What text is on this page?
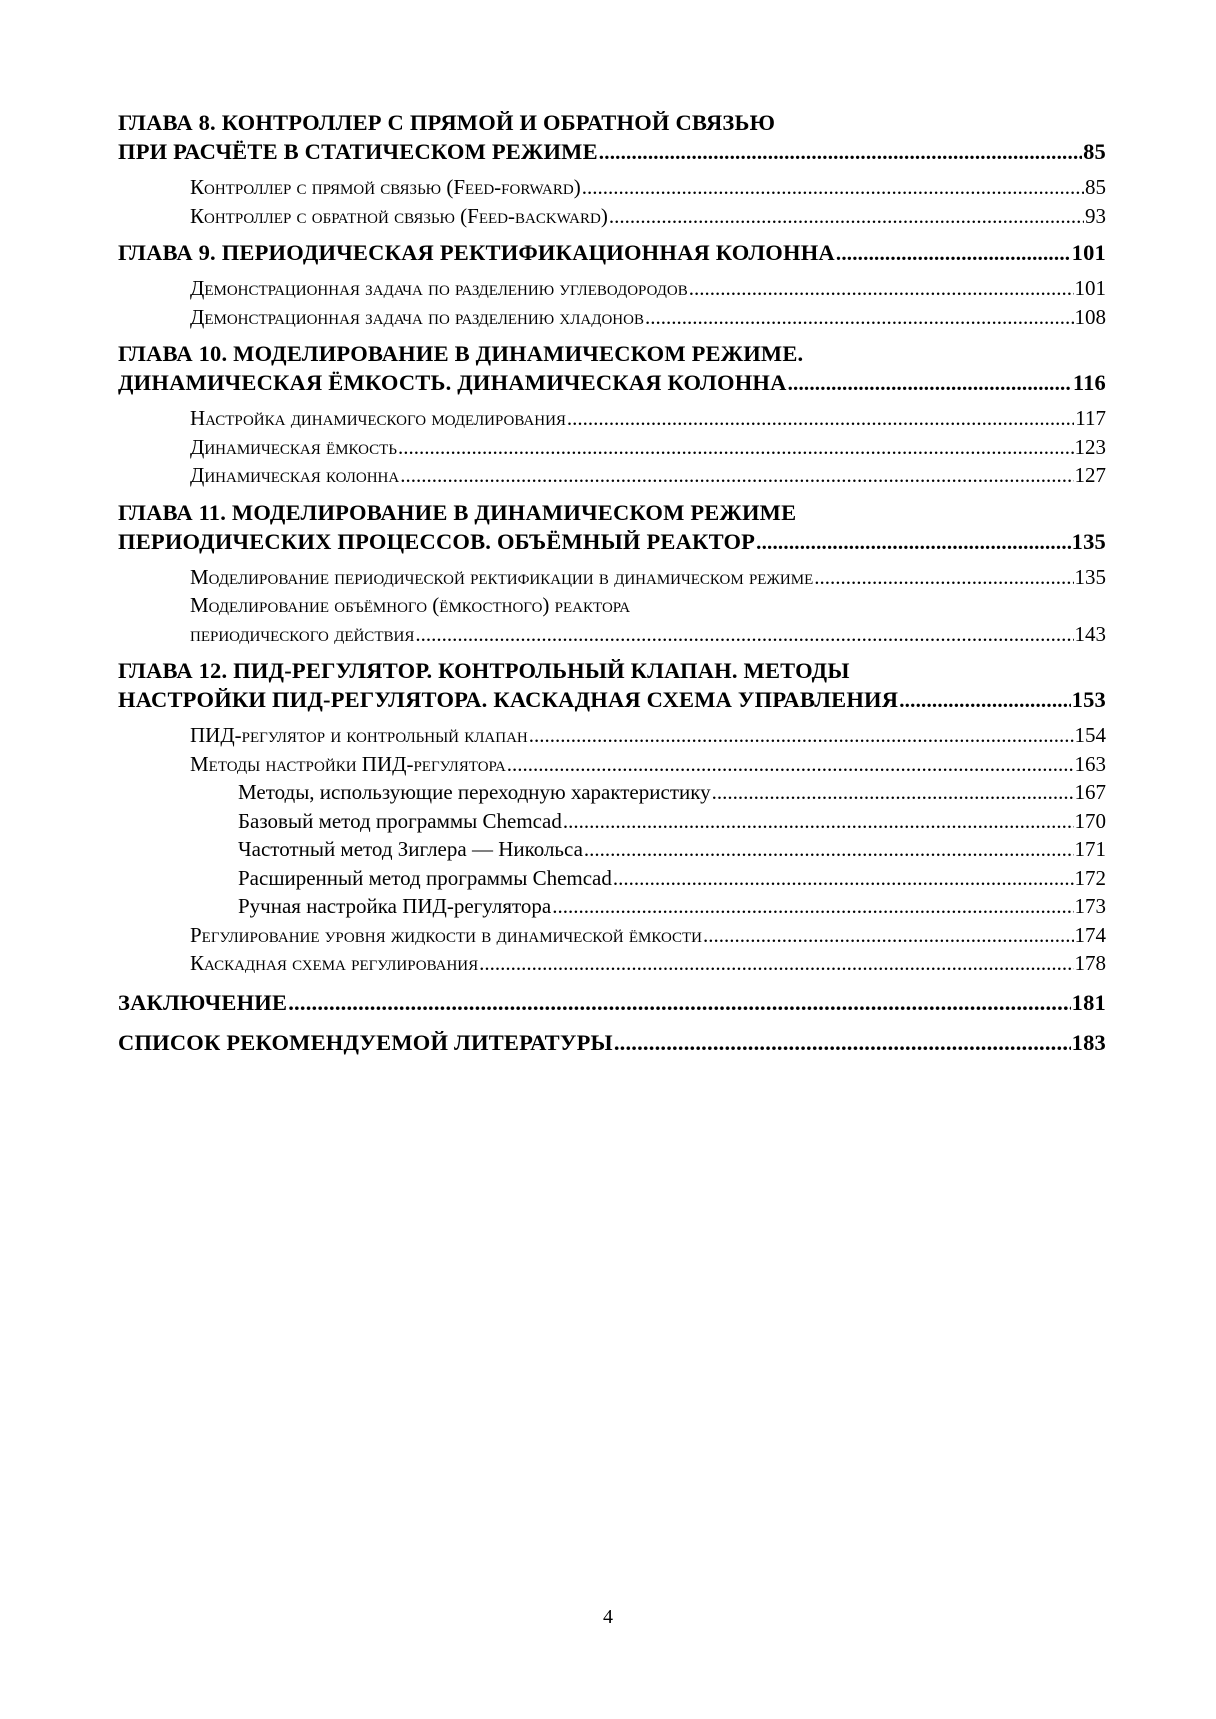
ГЛАВА 8. КОНТРОЛЛЕР С ПРЯМОЙ И ОБРАТНОЙ СВЯЗЬЮ
ПРИ РАСЧЁТЕ В СТАТИЧЕСКОМ РЕЖИМЕ .....	85
Контроллер с прямой связью (Feed-forward) .....	85
Контроллер с обратной связью (Feed-backward) .....	93
ГЛАВА 9. ПЕРИОДИЧЕСКАЯ РЕКТИФИКАЦИОННАЯ КОЛОННА .....	101
Демонстрационная задача по разделению углеводородов .....	101
Демонстрационная задача по разделению хладонов .....	108
ГЛАВА 10. МОДЕЛИРОВАНИЕ В ДИНАМИЧЕСКОМ РЕЖИМЕ.
ДИНАМИЧЕСКАЯ ЁМКОСТЬ. ДИНАМИЧЕСКАЯ КОЛОННА .....	116
Настройка динамического моделирования .....	117
Динамическая ёмкость .....	123
Динамическая колонна .....	127
ГЛАВА 11. МОДЕЛИРОВАНИЕ В ДИНАМИЧЕСКОМ РЕЖИМЕ
ПЕРИОДИЧЕСКИХ ПРОЦЕССОВ. ОБЪЁМНЫЙ РЕАКТОР .....	135
Моделирование периодической ректификации в динамическом режиме .....	135
Моделирование объёмного (ёмкостного) реактора
периодического действия .....	143
ГЛАВА 12. ПИД-РЕГУЛЯТОР. КОНТРОЛЬНЫЙ КЛАПАН. МЕТОДЫ
НАСТРОЙКИ ПИД-РЕГУЛЯТОРА. КАСКАДНАЯ СХЕМА УПРАВЛЕНИЯ .....	153
ПИД-регулятор и контрольный клапан .....	154
Методы настройки ПИД-регулятора .....	163
Методы, использующие переходную характеристику .....	167
Базовый метод программы Chemcad .....	170
Частотный метод Зиглера — Никольса .....	171
Расширенный метод программы Chemcad .....	172
Ручная настройка ПИД-регулятора .....	173
Регулирование уровня жидкости в динамической ёмкости .....	174
Каскадная схема регулирования .....	178
ЗАКЛЮЧЕНИЕ .....	181
СПИСОК РЕКОМЕНДУЕМОЙ ЛИТЕРАТУРЫ .....	183
4
